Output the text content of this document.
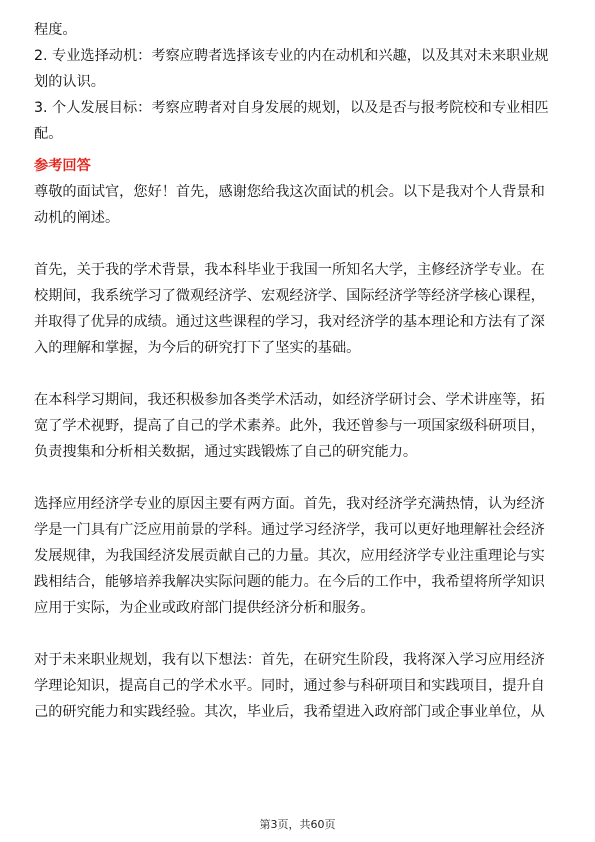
程度。

2. 专业选择动机：考察应聘者选择该专业的内在动机和兴趣，以及其对未来职业规

划的认识。

3. 个人发展目标：考察应聘者对自身发展的规划，以及是否与报考院校和专业相匹

配。

参考回答

尊敬的面试官，您好！首先，感谢您给我这次面试的机会。以下是我对个人背景和

动机的阐述。

首先，关于我的学术背景，我本科毕业于我国一所知名大学，主修经济学专业。在

校期间，我系统学习了微观经济学、宏观经济学、国际经济学等经济学核心课程，

并取得了优异的成绩。通过这些课程的学习，我对经济学的基本理论和方法有了深

入的理解和掌握，为今后的研究打下了坚实的基础。

在本科学习期间，我还积极参加各类学术活动，如经济学研讨会、学术讲座等，拓

宽了学术视野，提高了自己的学术素养。此外，我还曾参与一项国家级科研项目，

负责搜集和分析相关数据，通过实践锻炼了自己的研究能力。

选择应用经济学专业的原因主要有两方面。首先，我对经济学充满热情，认为经济

学是一门具有广泛应用前景的学科。通过学习经济学，我可以更好地理解社会经济

发展规律，为我国经济发展贡献自己的力量。其次，应用经济学专业注重理论与实

践相结合，能够培养我解决实际问题的能力。在今后的工作中，我希望将所学知识

应用于实际，为企业或政府部门提供经济分析和服务。

对于未来职业规划，我有以下想法：首先，在研究生阶段，我将深入学习应用经济

学理论知识，提高自己的学术水平。同时，通过参与科研项目和实践项目，提升自

己的研究能力和实践经验。其次，毕业后，我希望进入政府部门或企事业单位，从

第3页，共60页
